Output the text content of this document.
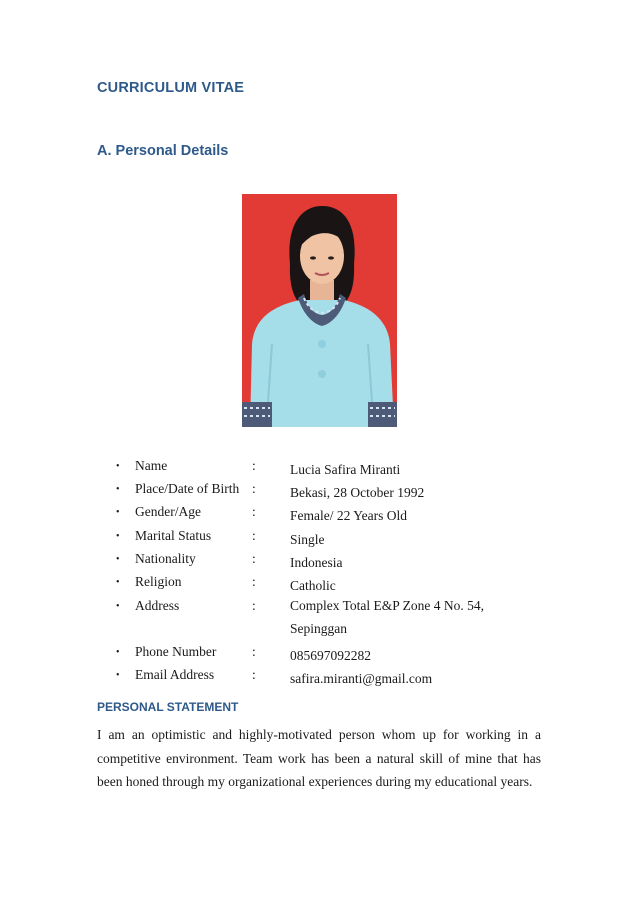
CURRICULUM VITAE
A. Personal Details
• Name	:	Lucia Safira Miranti
• Place/Date of Birth :	Bekasi, 28 October 1992
• Gender/Age	:	Female/ 22 Years Old
• Marital Status	:	Single
• Nationality	:	Indonesia
• Religion	:	Catholic
• Address	:	Complex Total E&P Zone 4 No. 54, Sepinggan
• Phone Number	:	085697092282
• Email Address	:	safira.miranti@gmail.com
PERSONAL STATEMENT

I am an optimistic and highly-motivated person whom up for working in a competitive environment. Team work has been a natural skill of mine that has been honed through my organizational experiences during my educational years.
